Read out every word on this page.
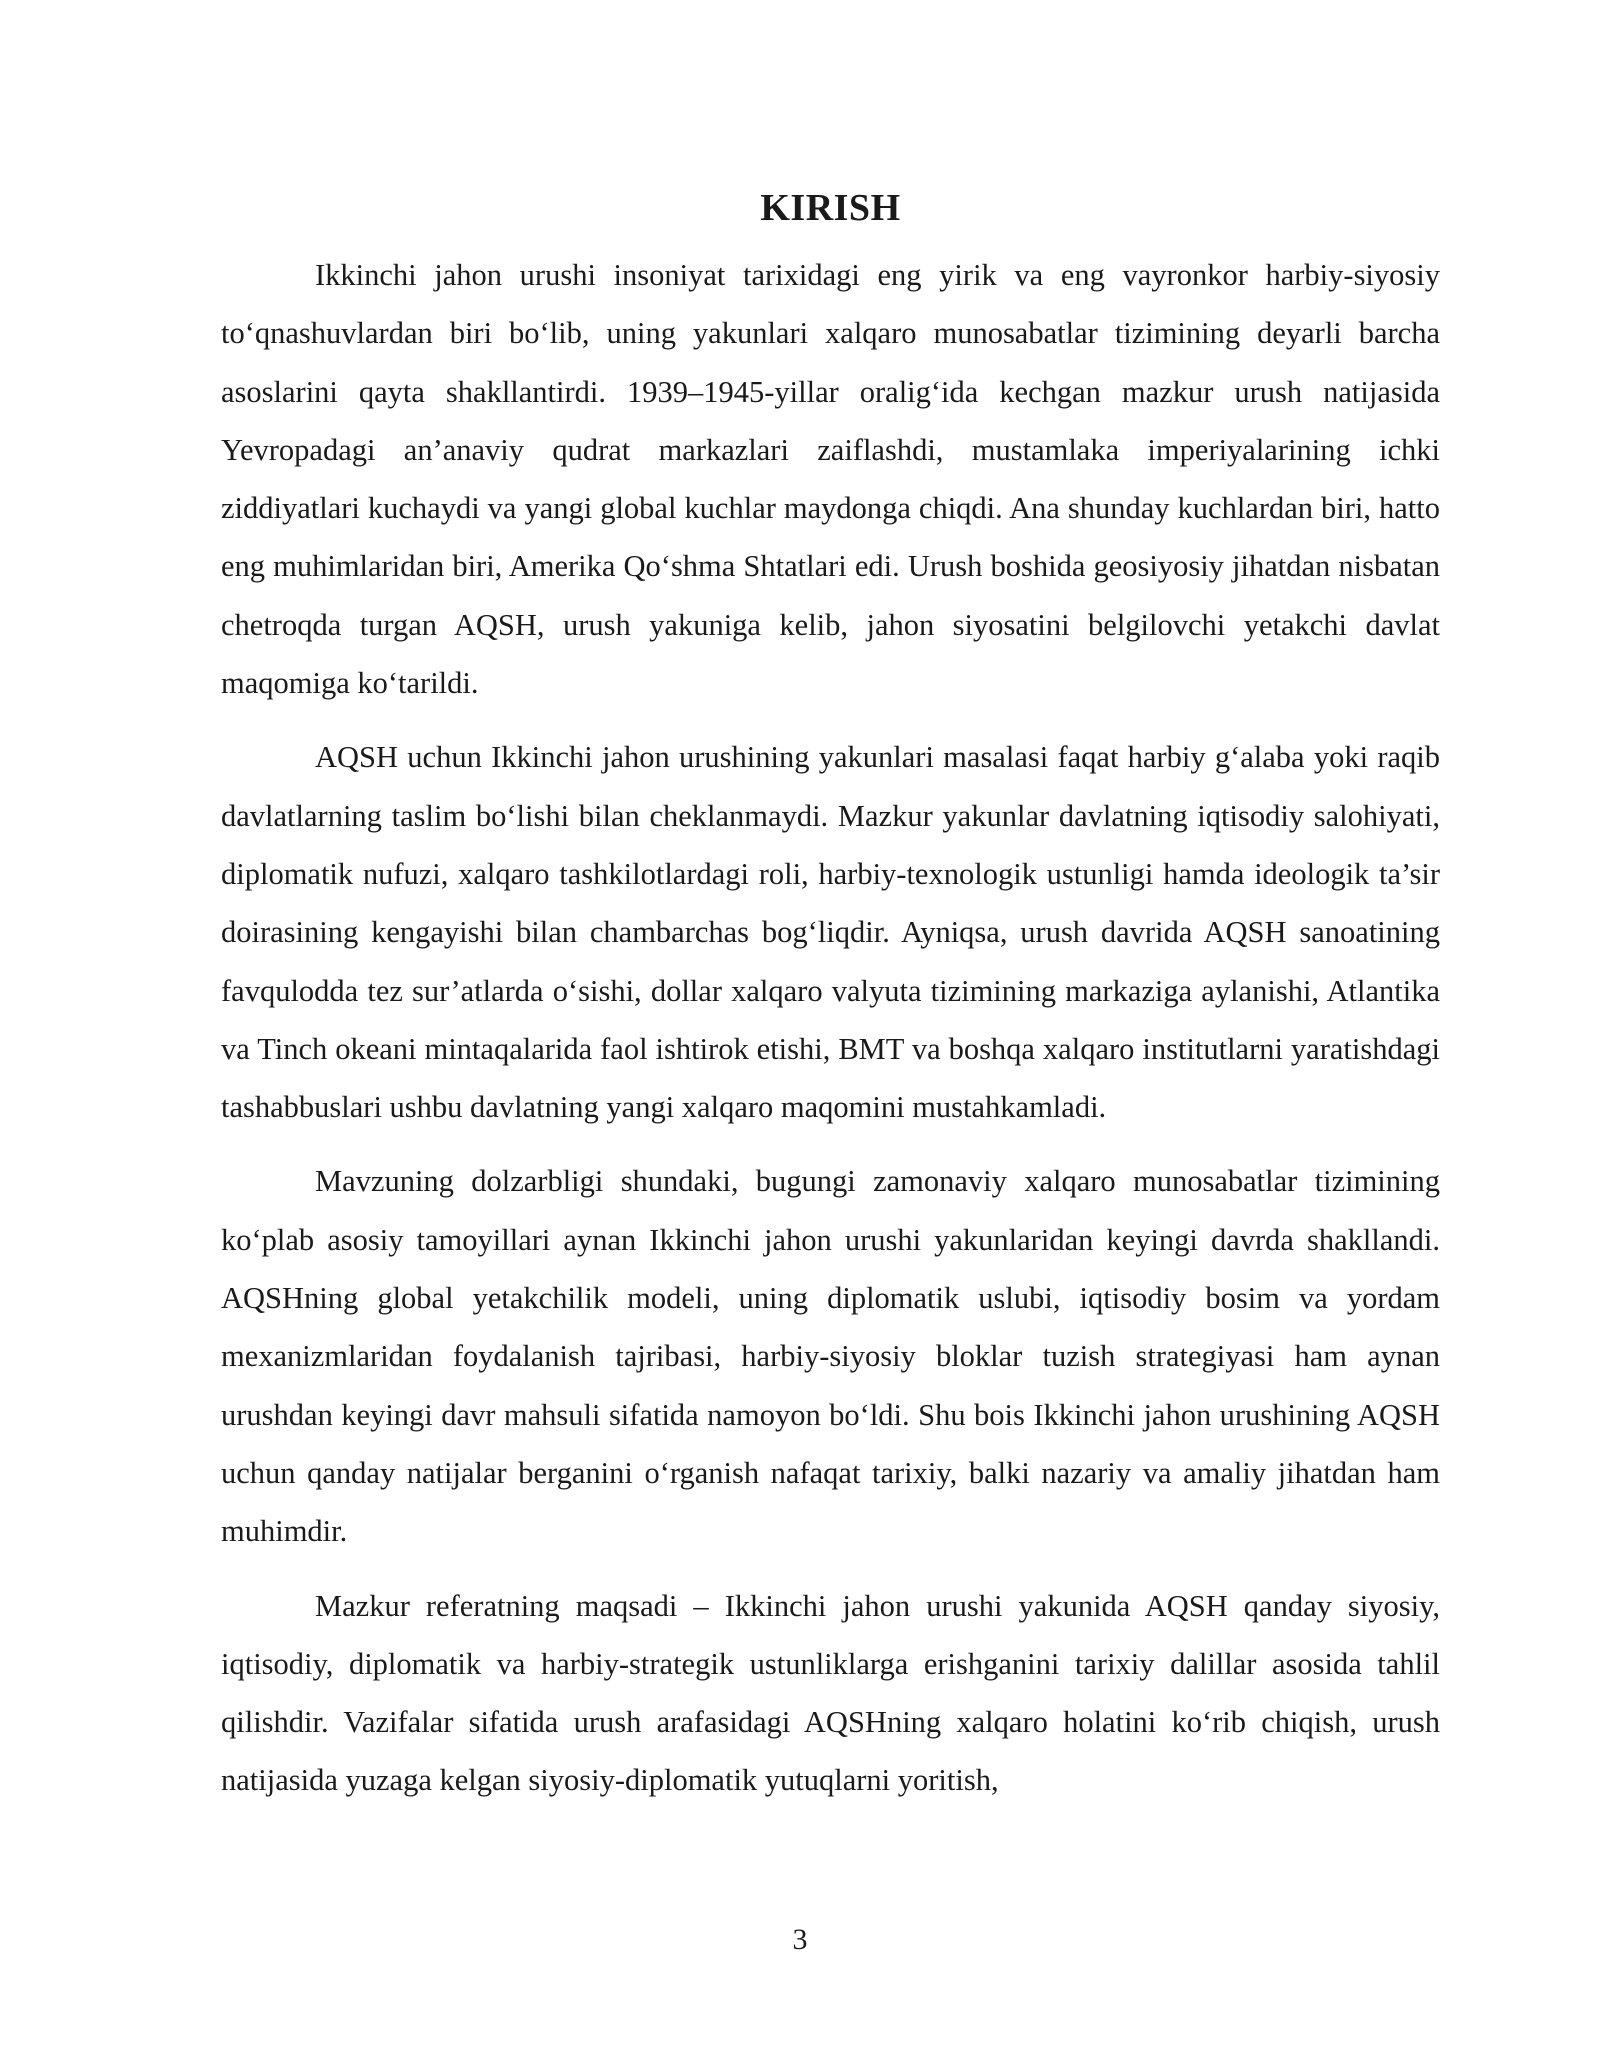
KIRISH

Ikkinchi jahon urushi insoniyat tarixidagi eng yirik va eng vayronkor harbiy-siyosiy to‘qnashuvlardan biri bo‘lib, uning yakunlari xalqaro munosabatlar tizimining deyarli barcha asoslarini qayta shakllantirdi. 1939–1945-yillar oralig‘ida kechgan mazkur urush natijasida Yevropadagi an’anaviy qudrat markazlari zaiflashdi, mustamlaka imperiyalarining ichki ziddiyatlari kuchaydi va yangi global kuchlar maydonga chiqdi. Ana shunday kuchlardan biri, hatto eng muhimlaridan biri, Amerika Qo‘shma Shtatlari edi. Urush boshida geosiyosiy jihatdan nisbatan chetroqda turgan AQSH, urush yakuniga kelib, jahon siyosatini belgilovchi yetakchi davlat maqomiga ko‘tarildi.

AQSH uchun Ikkinchi jahon urushining yakunlari masalasi faqat harbiy g‘alaba yoki raqib davlatlarning taslim bo‘lishi bilan cheklanmaydi. Mazkur yakunlar davlatning iqtisodiy salohiyati, diplomatik nufuzi, xalqaro tashkilotlardagi roli, harbiy-texnologik ustunligi hamda ideologik ta’sir doirasining kengayishi bilan chambarchas bog‘liqdir. Ayniqsa, urush davrida AQSH sanoatining favqulodda tez sur’atlarda o‘sishi, dollar xalqaro valyuta tizimining markaziga aylanishi, Atlantika va Tinch okeani mintaqalarida faol ishtirok etishi, BMT va boshqa xalqaro institutlarni yaratishdagi tashabbuslari ushbu davlatning yangi xalqaro maqomini mustahkamladi.

Mavzuning dolzarbligi shundaki, bugungi zamonaviy xalqaro munosabatlar tizimining ko‘plab asosiy tamoyillari aynan Ikkinchi jahon urushi yakunlaridan keyingi davrda shakllandi. AQSHning global yetakchilik modeli, uning diplomatik uslubi, iqtisodiy bosim va yordam mexanizmlaridan foydalanish tajribasi, harbiy-siyosiy bloklar tuzish strategiyasi ham aynan urushdan keyingi davr mahsuli sifatida namoyon bo‘ldi. Shu bois Ikkinchi jahon urushining AQSH uchun qanday natijalar berganini o‘rganish nafaqat tarixiy, balki nazariy va amaliy jihatdan ham muhimdir.

Mazkur referatning maqsadi – Ikkinchi jahon urushi yakunida AQSH qanday siyosiy, iqtisodiy, diplomatik va harbiy-strategik ustunliklarga erishganini tarixiy dalillar asosida tahlil qilishdir. Vazifalar sifatida urush arafasidagi AQSHning xalqaro holatini ko‘rib chiqish, urush natijasida yuzaga kelgan siyosiy-diplomatik yutuqlarni yoritish,

3
